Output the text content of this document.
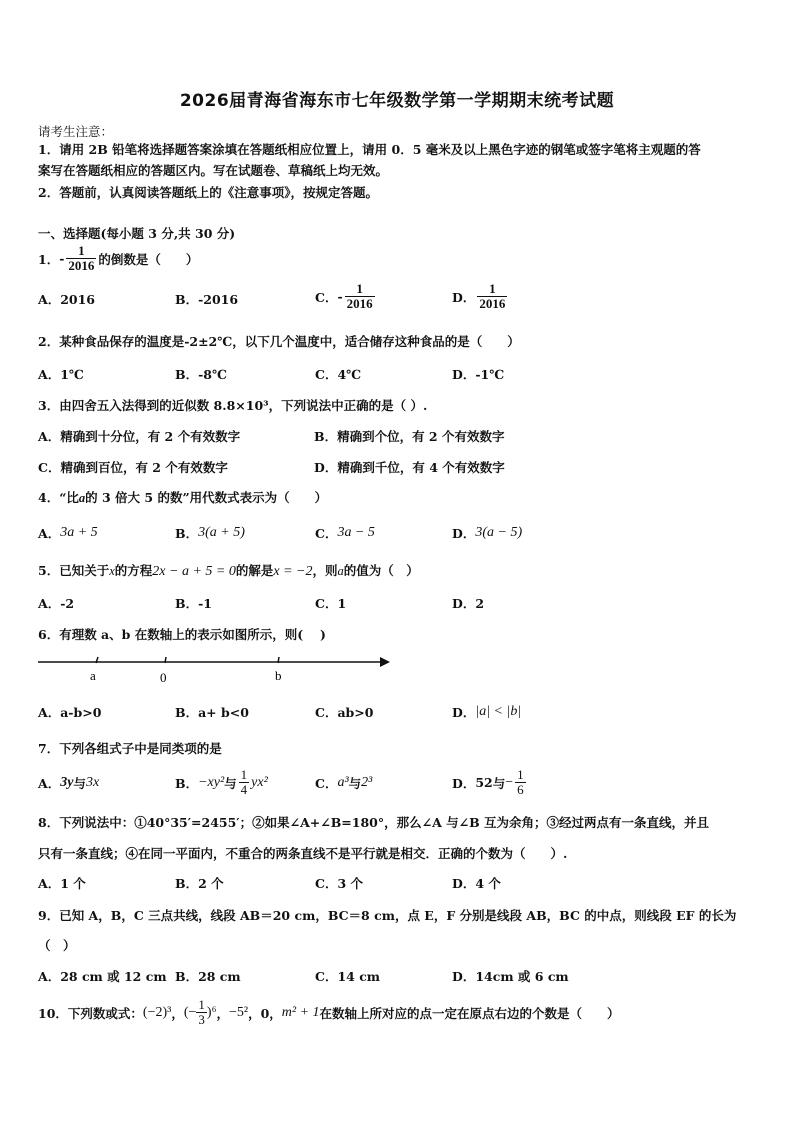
2026届青海省海东市七年级数学第一学期期末统考试题
请考生注意：
1．请用 2B 铅笔将选择题答案涂填在答题纸相应位置上，请用 0．5 毫米及以上黑色字迹的钢笔或签字笔将主观题的答
案写在答题纸相应的答题区内。写在试题卷、草稿纸上均无效。
2．答题前，认真阅读答题纸上的《注意事项》，按规定答题。
一、选择题(每小题 3 分,共 30 分)
1． - $\frac{1}{2016}$ 的倒数是（　　）
A．2016	B．-2016	C． - $\frac{1}{2016}$	D． $\frac{1}{2016}$
2．某种食品保存的温度是-2±2℃，以下几个温度中，适合储存这种食品的是（　　）
A．1℃	B．-8℃	C．4℃	D．-1℃
3．由四舍五入法得到的近似数 8.8×10³，下列说法中正确的是（ ）.
A．精确到十分位，有 2 个有效数字	B．精确到个位，有 2 个有效数字
C．精确到百位，有 2 个有效数字	D．精确到千位，有 4 个有效数字
4．“比a的 3 倍大 5 的数”用代数式表示为（　　）
A． 3a + 5	B． 3(a + 5)	C． 3a − 5	D． 3(a − 5)
5．已知关于x的方程2x − a + 5 = 0的解是x = −2，则a的值为（　）
A．-2	B．-1	C．1	D．2
6．有理数 a、b 在数轴上的表示如图所示，则(　 )
a	0	b
A．a-b>0	B．a+ b<0	C．ab>0	D． |a| < |b|
7．下列各组式子中是同类项的是
A． 3y 与 3x	B． −xy² 与 $\frac{1}{4} yx^2$	C． a³ 与 2³	D． 52 与 − $\frac{1}{6}$
8．下列说法中：①40°35′=2455′；②如果∠A+∠B=180°，那么∠A 与∠B 互为余角；③经过两点有一条直线，并且
只有一条直线；④在同一平面内，不重合的两条直线不是平行就是相交．正确的个数为（　　）.
A．1 个	B．2 个	C．3 个	D．4 个
9．已知 A，B，C 三点共线，线段 AB＝20 cm，BC＝8 cm，点 E，F 分别是线段 AB，BC 的中点，则线段 EF 的长为
（　）
A．28 cm 或 12 cm B．28 cm	C．14 cm	D．14cm 或 6 cm
10．下列数或式： (−2)³ ， (− $\frac{1}{3} )^6$ ， −5² ，0， m² + 1 在数轴上所对应的点一定在原点右边的个数是（　　）
